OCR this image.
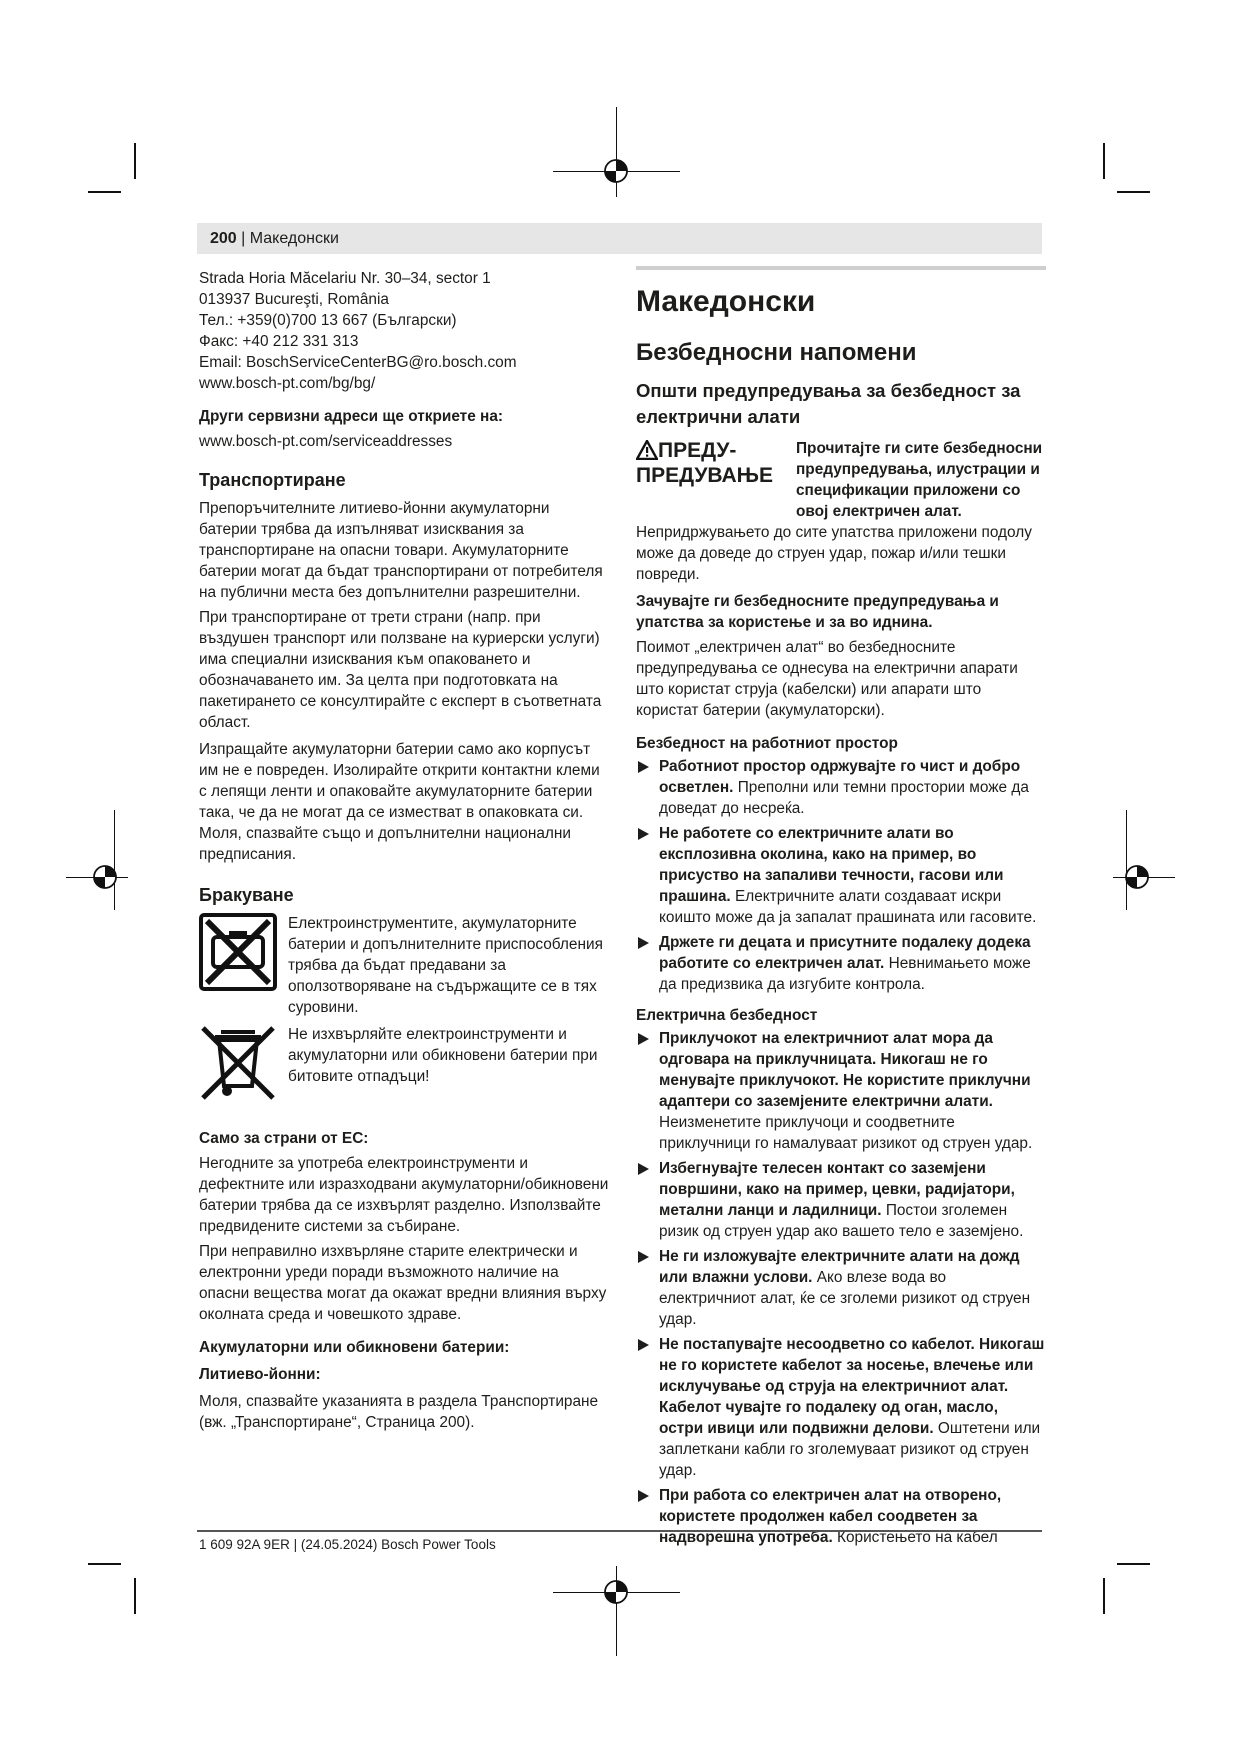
200 | Македонски

Strada Horia Măcelariu Nr. 30–34, sector 1

013937 Bucureşti, România

Тел.: +359(0)700 13 667 (Български)

Факс: +40 212 331 313

Email: BoschServiceCenterBG@ro.bosch.com

www.bosch-pt.com/bg/bg/

Други сервизни адреси ще откриете на:

www.bosch-pt.com/serviceaddresses

Транспортиране

Препоръчителните литиево-йонни акумулаторни батерии трябва да изпълняват изисквания за транспортиране на опасни товари. Акумулаторните батерии могат да бъдат транспортирани от потребителя на публични места без допълнителни разрешителни.

При транспортиране от трети страни (напр. при въздушен транспорт или ползване на куриерски услуги) има специални изисквания към опаковането и обозначаването им. За целта при подготовката на пакетирането се консултирайте с експерт в съответната област.

Изпращайте акумулаторни батерии само ако корпусът им не е повреден. Изолирайте открити контактни клеми с лепящи ленти и опаковайте акумулаторните батерии така, че да не могат да се изместват в опаковката си. Моля, спазвайте също и допълнителни национални предписания.

Бракуване

Електроинструментите, акумулаторните батерии и допълнителните приспособления трябва да бъдат предавани за оползотворяване на съдържащите се в тях суровини.

Не изхвърляйте електроинструменти и акумулаторни или обикновени батерии при битовите отпадъци!

Само за страни от ЕС:

Негодните за употреба електроинструменти и дефектните или изразходвани акумулаторни/обикновени батерии трябва да се изхвърлят разделно. Използвайте предвидените системи за събиране.

При неправилно изхвърляне старите електрически и електронни уреди поради възможното наличие на опасни вещества могат да окажат вредни влияния върху околната среда и човешкото здраве.

Акумулаторни или обикновени батерии:

Литиево-йонни:

Моля, спазвайте указанията в раздела Транспортиране (вж. „Транспортиране“, Страница 200).

Македонски
Безбедносни напомени
Општи предупредувања за безбедност за електрични алати
ПРЕДУ-
ПРЕДУВАЊЕ
Прочитајте ги сите безбедносни предупредувања, илустрации и спецификации приложени со овој електричен алат.

Непридржувањето до сите упатства приложени подолу може да доведе до струен удар, пожар и/или тешки повреди.

Зачувајте ги безбедносните предупредувања и упатства за користење и за во иднина.

Поимот „електричен алат“ во безбедносните предупредувања се однесува на електрични апарати што користат струја (кабелски) или апарати што користат батерии (акумулаторски).

Безбедност на работниот простор

Работниот простор одржувајте го чист и добро осветлен. Преполни или темни простории може да доведат до несреќа.
Не работете со електричните алати во експлозивна околина, како на пример, во присуство на запаливи течности, гасови или прашина. Електричните алати создаваат искри коишто може да ја запалат прашината или гасовите.
Држете ги децата и присутните подалеку додека работите со електричен алат. Невнимањето може да предизвика да изгубите контрола.

Електрична безбедност

Приклучокот на електричниот алат мора да одговара на приклучницата. Никогаш не го менувајте приклучокот. Не користите приклучни адаптери со заземјените електрични алати. Неизменетите приклучоци и соодветните приклучници го намалуваат ризикот од струен удар.
Избегнувајте телесен контакт со заземјени површини, како на пример, цевки, радијатори, метални ланци и ладилници. Постои зголемен ризик од струен удар ако вашето тело е заземјено.
Не ги изложувајте електричните алати на дожд или влажни услови. Ако влезе вода во електричниот алат, ќе се зголеми ризикот од струен удар.
Не постапувајте несоодветно со кабелот. Никогаш не го користете кабелот за носење, влечење или исклучување од струја на електричниот алат. Кабелот чувајте го подалеку од оган, масло, остри ивици или подвижни делови. Оштетени или заплеткани кабли го зголемуваат ризикот од струен удар.
При работа со електричен алат на отворено, користете продолжен кабел соодветен за надворешна употреба. Користењето на кабел
1 609 92A 9ER | (24.05.2024) Bosch Power Tools
